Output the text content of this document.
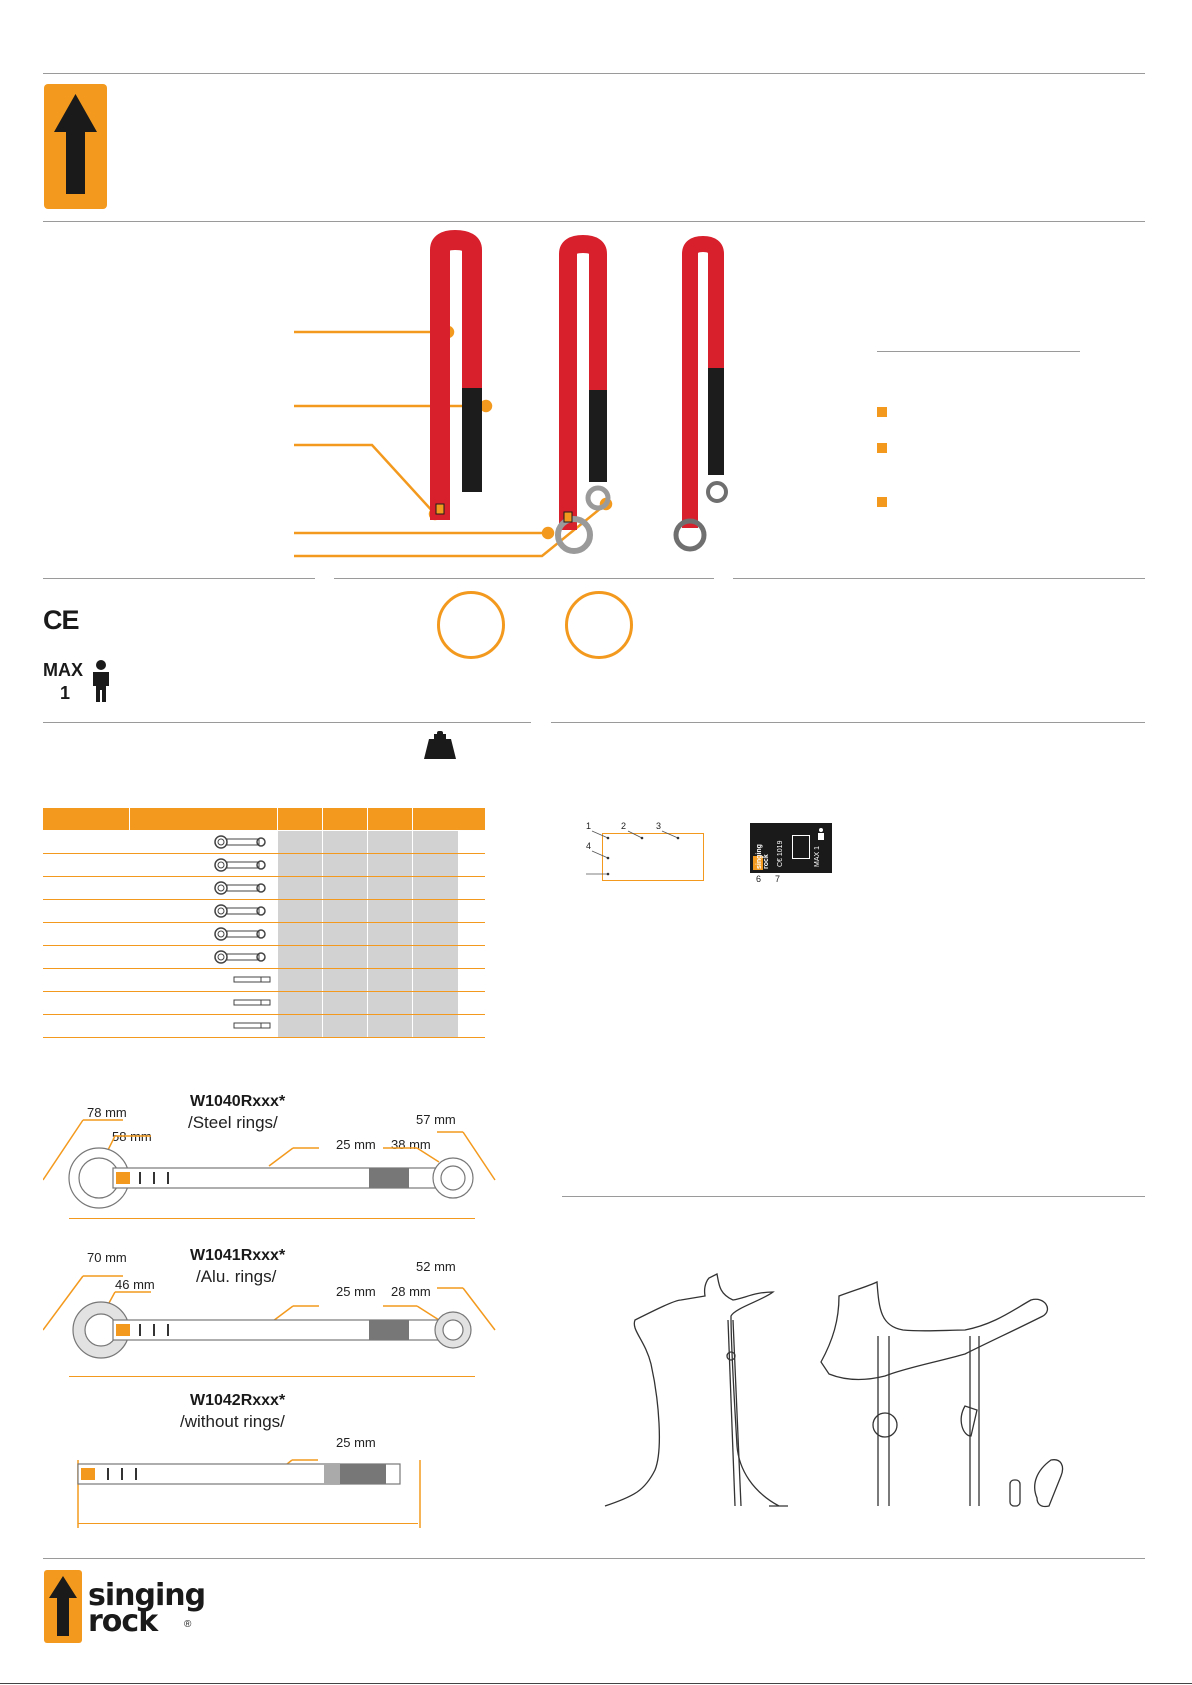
CE
MAX
1
1	2	3
4	singing
rock C€ 1019	MAX 1
6 7
W1040Rxxx*
/Steel rings/
78 mm
58 mm
25 mm 38 mm
57 mm
W1041Rxxx*
/Alu. rings/
70 mm
46 mm	25 mm 28 mm
52 mm
W1042Rxxx*
/without rings/
25 mm
singing
rock	®
